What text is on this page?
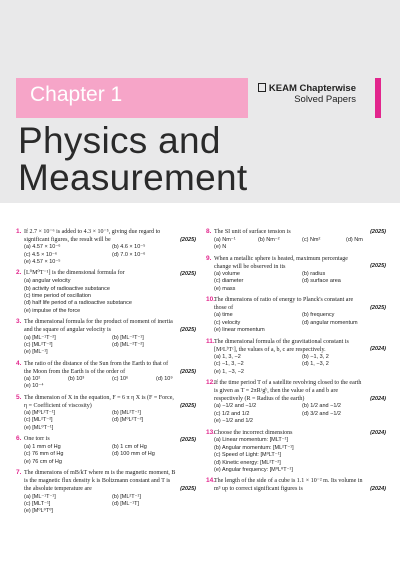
Chapter 1	KEAM Chapterwise
Solved Papers
Physics and
Measurement
1. If 2.7 × 10⁻⁶ is added to 4.3 × 10⁻⁵, giving due regard to significant figures, the result will be	(2025)
(a) 4.57 × 10⁻⁶	(b) 4.6 × 10⁻⁵
(c) 4.5 × 10⁻⁶	(d) 7.0 × 10⁻⁶
(e) 4.57 × 10⁻⁵
2. [L⁰M⁰T⁻¹] is the dimensional formula for	(2025)
(a) angular velocity
(b) activity of radioactive substance
(c) time period of oscillation
(d) half life period of a radioactive substance
(e) impulse of the force
3. The dimensional formula for the product of moment of inertia and the square of angular velocity is	(2025)
(a) [ML⁻¹T⁻²]	(b) [ML⁻²T⁻¹]
(c) [ML²T⁻²]	(d) [ML⁻²T⁻²]
(e) [ML⁻¹]
4. The ratio of the distance of the Sun from the Earth to that of the Moon from the Earth is of the order of	(2025)
(a) 10²	(b) 10³	(c) 10⁶	(d) 10⁹
(e) 10⁻⁴
5. The dimension of X in the equation, F = 6 π η X is (F = Force, η = Coefficient of viscosity)	(2025)
(a) [M⁰L²T⁻¹]	(b) [ML²T⁻¹]
(c) [ML²T⁻²]	(d) [M⁰L²T⁻²]
(e) [ML⁰T⁻¹]
6. One torr is	(2025)
(a) 1 mm of Hg	(b) 1 cm of Hg
(c) 76 mm of Hg	(d) 100 mm of Hg
(e) 76 cm of Hg
7. The dimensions of mB/kT where m is the magnetic moment, B is the magnetic flux density k is Boltzmann constant and T is the absolute temperature are	(2025)
(a) [ML⁻¹T⁻¹]	(b) [ML²T⁻¹]
(c) [MLT⁻¹]	(d) [ML⁻¹T]
(e) [M⁰L⁰T⁰]
8. The SI unit of surface tension is	(2025)
(a) Nm⁻¹	(b) Nm⁻²	(c) Nm²	(d) Nm
(e) N
9. When a metallic sphere is heated, maximum percentage change will be observed in its	(2025)
(a) volume	(b) radius
(c) diameter	(d) surface area
(e) mass
10.
The dimensions of ratio of energy to Planck's constant are those of	(2025)
(a) time	(b) frequency
(c) velocity	(d) angular momentum
(e) linear momentum
11. The dimensional formula of the gravitational constant is [MᵃLᵇTᶜ], the values of a, b, c are respectively.	(2024)
(a) 1, 3, −2	(b) −1, 3, 2
(c) −1, 3, −2	(d) 1, −3, 2
(e) 1, −3, −2
12.
If the time period T of a satellite revolving closed to the earth is given as T = 2πRᵃgᵇ, then the value of a and b are respectively (R = Radius of the earth)	(2024)
(a) −1/2 and −1/2	(b) 1/2 and −1/2
(c) 1/2 and 1/2	(d) 3/2 and −1/2
(e) −1/2 and 1/2
13.
Choose the incorrect dimensions	(2024)
(a) Linear momentum: [MLT⁻¹]
(b) Angular momentum: [ML²T⁻¹]
(c) Speed of Light: [M⁰LT⁻¹]
(d) Kinetic energy: [ML²T⁻²]
(e) Angular frequency: [M⁰L⁰T⁻¹]
14.
The length of the side of a cube is 1.1 × 10⁻² m. Its volume in m³ up to correct significant figures is	(2024)
